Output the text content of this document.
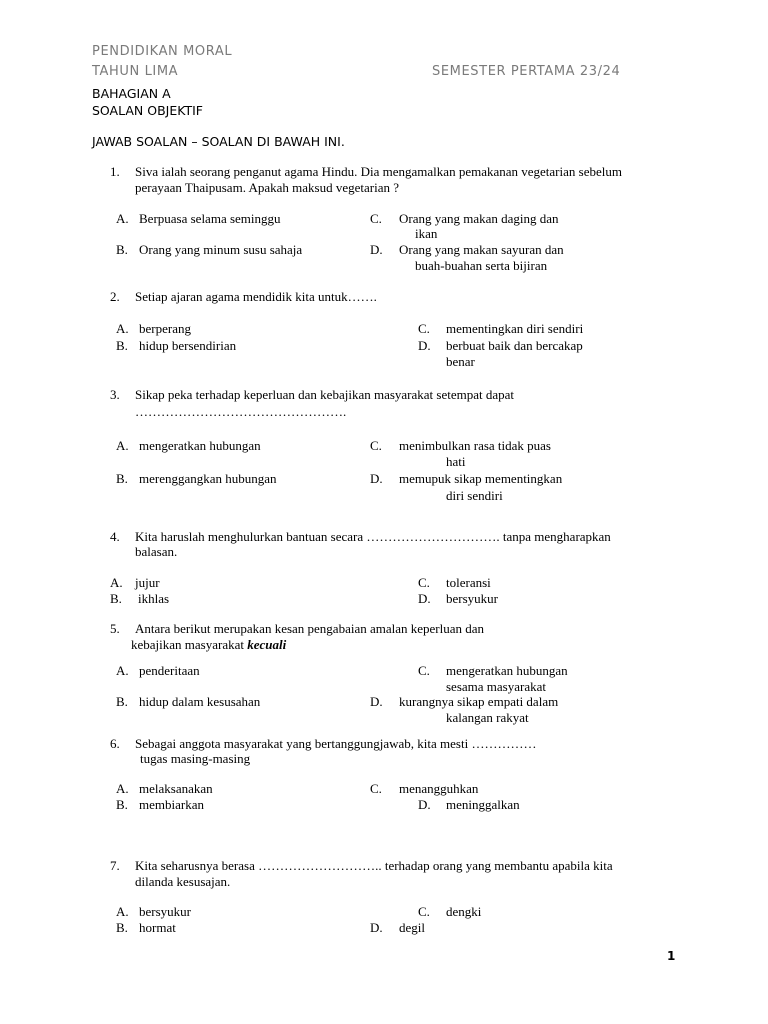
PENDIDIKAN MORAL
TAHUN LIMA	SEMESTER PERTAMA 23/24
BAHAGIAN A
SOALAN OBJEKTIF
JAWAB SOALAN – SOALAN DI BAWAH INI.
1. Siva ialah seorang penganut agama Hindu. Dia mengamalkan pemakanan vegetarian sebelum
perayaan Thaipusam. Apakah maksud vegetarian ?
A. Berpuasa selama seminggu	C. Orang yang makan daging dan
ikan
B. Orang yang minum susu sahaja	D. Orang yang makan sayuran dan
buah-buahan serta bijiran
2. Setiap ajaran agama mendidik kita untuk…….
A. berperang	C. mementingkan diri sendiri
B. hidup bersendirian	D. berbuat baik dan bercakap
benar
3. Sikap peka terhadap keperluan dan kebajikan masyarakat setempat dapat
………………………………………….
A. mengeratkan hubungan	C. menimbulkan rasa tidak puas
hati
B. merenggangkan hubungan	D. memupuk sikap mementingkan
diri sendiri
4. Kita haruslah menghulurkan bantuan secara …………………………. tanpa mengharapkan
balasan.
A. jujur	C. toleransi
B. ikhlas	D. bersyukur
5. Antara berikut merupakan kesan pengabaian amalan keperluan dan
kebajikan masyarakat kecuali
A. penderitaan	C. mengeratkan hubungan
sesama masyarakat
B. hidup dalam kesusahan	D. kurangnya sikap empati dalam
kalangan rakyat
6. Sebagai anggota masyarakat yang bertanggungjawab, kita mesti ……………
tugas masing-masing
A. melaksanakan	C. menangguhkan
B. membiarkan	D. meninggalkan
7. Kita seharusnya berasa ……………………….. terhadap orang yang membantu apabila kita
dilanda kesusajan.
A. bersyukur	C. dengki
B. hormat	D. degil
1
